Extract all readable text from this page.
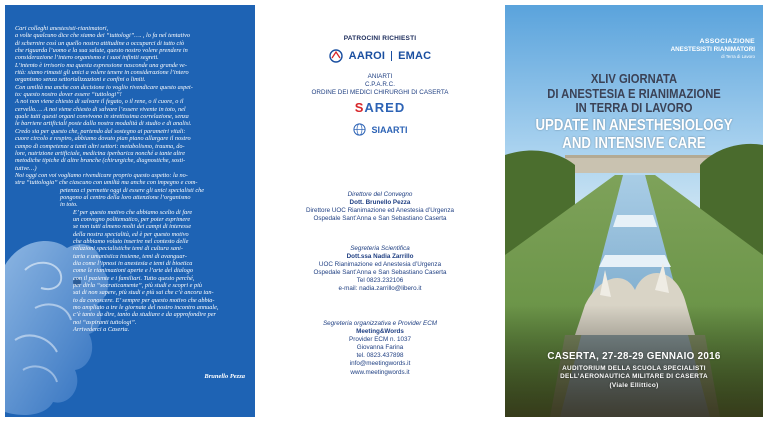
Cari colleghi anestesisti-rianimatori,

a volte qualcuno dice che siamo dei “tuttologi”…. , lo fa nel tentativo

di schernire così un quello nostra attitudine a occuparci di tutto ciò

che riguarda l’uomo e la sua salute, questo nostro volere prendere in

considerazione l’intero organismo e i suoi infiniti segreti.

L’intento è irrisorio ma questa espressione nasconde una grande ve-

rità: siamo rimasti gli unici a volere tenere in considerazione l’intero

organismo senza settorializzazioni e confini o limiti.

Con umiltà ma anche con decisione io voglio rivendicare questo aspet-

to: questo nostro dover essere “tuttologi”!

A noi non viene chiesto di salvare il fegato, o il rene, o il cuore, o il

cervello…. A noi viene chiesto di salvare l’essere vivente in toto, nel

quale tutti questi organi convivono in strettissima correlazione, senza

le barriere artificiali poste dalla nostra modalità di studio e di analisi.

Credo sia per questo che, partendo dal sostegno ai parametri vitali:

cuore circolo e respiro, abbiamo dovuto pian piano allargare il nostro

campo di competenze a tanti altri settori: metabolismo, trauma, do-

lore, nutrizione artificiale, medicina iperbarica nonché a tante altre

metodiche tipiche di altre branche (chirurgiche, diagnostiche, sosti-

tutive…)

Noi oggi con voi vogliamo rivendicare proprio questo aspetto: la no-

stra “tuttologia” che ciascuno con umiltà ma anche con impegno e com-

petenza ci permette oggi di essere gli unici specialisti che

pongono al centro della loro attenzione l’organismo

in toto.

E’ per questo motivo che abbiamo scelto di fare

un convegno politematico, per poter esprimere

se non tutti almeno molti dei campi di interesse

della nostra specialità, ed è per questo motivo

che abbiamo voluto inserire nel contesto delle

relazioni specialistiche temi di cultura sani-

taria e umanistica insieme, temi di avanguar-

dia come l’ipnosi in anestesia e temi di bioetica

come le rianimazioni aperte e l’arte del dialogo

con il paziente e i familiari. Tutto questo perché,

per dirla “socraticamente”, più studi e scopri e più

sai di non sapere, più studi e più sai che c’è ancora tan-

to da conoscere. E’ sempre per questo motivo che abbia-

mo ampliato a tre le giornate del nostro incontro annuale,

c’è tanto da dire, tanto da studiare e da approfondire per

noi “aspiranti tuttologi”.

Arrivederci a Caserta.

Brunello Pezza
PATROCINI RICHIESTI
AAROI EMAC
ANIARTI
C.P.A.R.C.
ORDINE DEI MEDICI CHIRURGHI DI CASERTA
SARED
SIAARTI
Direttore del Convegno
Dott. Brunello Pezza
Direttore UOC Rianimazione ed Anestesia d’Urgenza
Ospedale Sant’Anna e San Sebastiano Caserta
Segreteria Scientifica
Dott.ssa Nadia Zarrillo
UOC Rianimazione ed Anestesia d’Urgenza
Ospedale Sant’Anna e San Sebastiano Caserta
Tel 0823.232106
e-mail: nadia.zarrillo@libero.it
Segreteria organizzativa e Provider ECM
Meeting&Words
Provider ECM n. 1037
Giovanna Farina
tel. 0823.437898
info@meetingwords.it
www.meetingwords.it
ASSOCIAZIONE
ANESTESISTI RIANIMATORI
di Terra di Lavoro
XLIV GIORNATA
DI ANESTESIA E RIANIMAZIONE
IN TERRA DI LAVORO
UPDATE IN ANESTHESIOLOGY
AND INTENSIVE CARE
CASERTA, 27-28-29 GENNAIO 2016
AUDITORIUM DELLA SCUOLA SPECIALISTI
DELL’AERONAUTICA MILITARE DI CASERTA
(Viale Ellittico)
